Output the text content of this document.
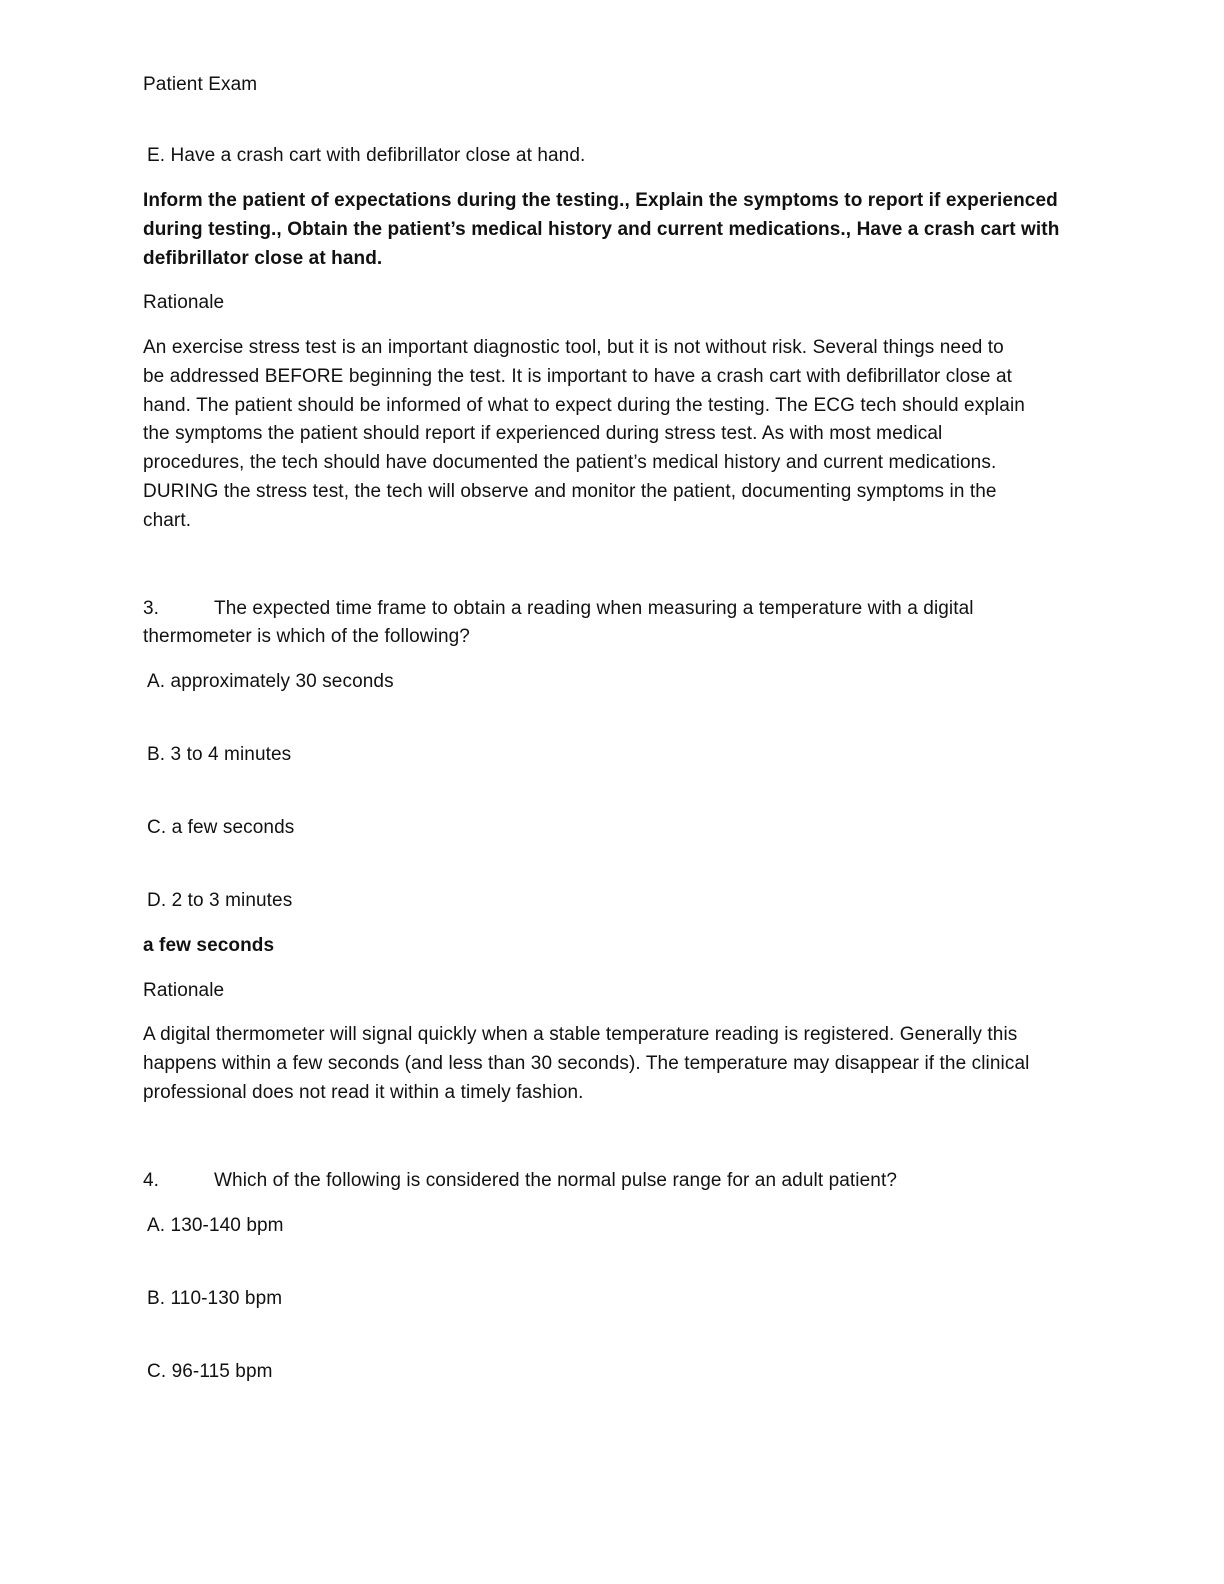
Patient Exam
E. Have a crash cart with defibrillator close at hand.
Inform the patient of expectations during the testing., Explain the symptoms to report if experienced
during testing., Obtain the patient’s medical history and current medications., Have a crash cart with
defibrillator close at hand.
Rationale
An exercise stress test is an important diagnostic tool, but it is not without risk. Several things need to
be addressed BEFORE beginning the test. It is important to have a crash cart with defibrillator close at
hand. The patient should be informed of what to expect during the testing. The ECG tech should explain
the symptoms the patient should report if experienced during stress test. As with most medical
procedures, the tech should have documented the patient’s medical history and current medications.
DURING the stress test, the tech will observe and monitor the patient, documenting symptoms in the
chart.
3.	The expected time frame to obtain a reading when measuring a temperature with a digital
thermometer is which of the following?
A. approximately 30 seconds
B. 3 to 4 minutes
C. a few seconds
D. 2 to 3 minutes
a few seconds
Rationale
A digital thermometer will signal quickly when a stable temperature reading is registered. Generally this
happens within a few seconds (and less than 30 seconds). The temperature may disappear if the clinical
professional does not read it within a timely fashion.
4.	Which of the following is considered the normal pulse range for an adult patient?
A. 130-140 bpm
B. 110-130 bpm
C. 96-115 bpm
